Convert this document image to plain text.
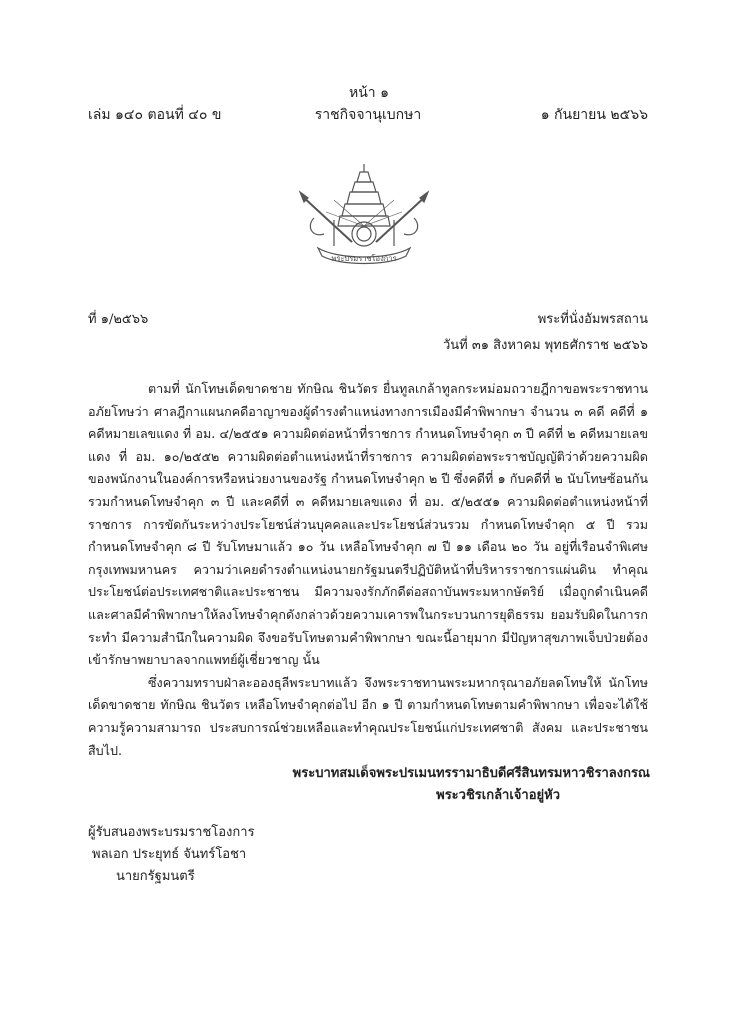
หน้า ๑
เล่ม ๑๔๐ ตอนที่ ๔๐ ข	ราชกิจจานุเบกษา	๑ กันยายน ๒๕๖๖
พระบรมราชโองการ
ที่ ๑/๒๕๖๖	พระที่นั่งอัมพรสถาน
วันที่ ๓๑ สิงหาคม พุทธศักราช ๒๕๖๖

ตามที่ นักโทษเด็ดขาดชาย ทักษิณ ชินวัตร ยื่นทูลเกล้าทูลกระหม่อมถวายฎีกาขอพระราชทานอภัยโทษว่า ศาลฎีกาแผนกคดีอาญาของผู้ดำรงตำแหน่งทางการเมืองมีคำพิพากษา จำนวน ๓ คดี คดีที่ ๑ คดีหมายเลขแดง ที่ อม. ๔/๒๕๕๑ ความผิดต่อหน้าที่ราชการ กำหนดโทษจำคุก ๓ ปี คดีที่ ๒ คดีหมายเลขแดง ที่ อม. ๑๐/๒๕๕๒ ความผิดต่อตำแหน่งหน้าที่ราชการ ความผิดต่อพระราชบัญญัติว่าด้วยความผิดของพนักงานในองค์การหรือหน่วยงานของรัฐ กำหนดโทษจำคุก ๒ ปี ซึ่งคดีที่ ๑ กับคดีที่ ๒ นับโทษซ้อนกันรวมกำหนดโทษจำคุก ๓ ปี และคดีที่ ๓ คดีหมายเลขแดง ที่ อม. ๕/๒๕๕๑ ความผิดต่อตำแหน่งหน้าที่ราชการ การขัดกันระหว่างประโยชน์ส่วนบุคคลและประโยชน์ส่วนรวม กำหนดโทษจำคุก ๕ ปี รวมกำหนดโทษจำคุก ๘ ปี รับโทษมาแล้ว ๑๐ วัน เหลือโทษจำคุก ๗ ปี ๑๑ เดือน ๒๐ วัน อยู่ที่เรือนจำพิเศษกรุงเทพมหานคร ความว่าเคยดำรงตำแหน่งนายกรัฐมนตรีปฏิบัติหน้าที่บริหารราชการแผ่นดิน ทำคุณประโยชน์ต่อประเทศชาติและประชาชน มีความจงรักภักดีต่อสถาบันพระมหากษัตริย์ เมื่อถูกดำเนินคดีและศาลมีคำพิพากษาให้ลงโทษจำคุกดังกล่าวด้วยความเคารพในกระบวนการยุติธรรม ยอมรับผิดในการกระทำ มีความสำนึกในความผิด จึงขอรับโทษตามคำพิพากษา ขณะนี้อายุมาก มีปัญหาสุขภาพเจ็บป่วยต้องเข้ารักษาพยาบาลจากแพทย์ผู้เชี่ยวชาญ นั้น

ซึ่งความทราบฝ่าละอองธุลีพระบาทแล้ว จึงพระราชทานพระมหากรุณาอภัยลดโทษให้ นักโทษเด็ดขาดชาย ทักษิณ ชินวัตร เหลือโทษจำคุกต่อไป อีก ๑ ปี ตามกำหนดโทษตามคำพิพากษา เพื่อจะได้ใช้ความรู้ความสามารถ ประสบการณ์ช่วยเหลือและทำคุณประโยชน์แก่ประเทศชาติ สังคม และประชาชน สืบไป.

พระบาทสมเด็จพระปรเมนทรรามาธิบดีศรีสินทรมหาวชิราลงกรณ
พระวชิรเกล้าเจ้าอยู่หัว
ผู้รับสนองพระบรมราชโองการ
พลเอก ประยุทธ์ จันทร์โอชา
นายกรัฐมนตรี
